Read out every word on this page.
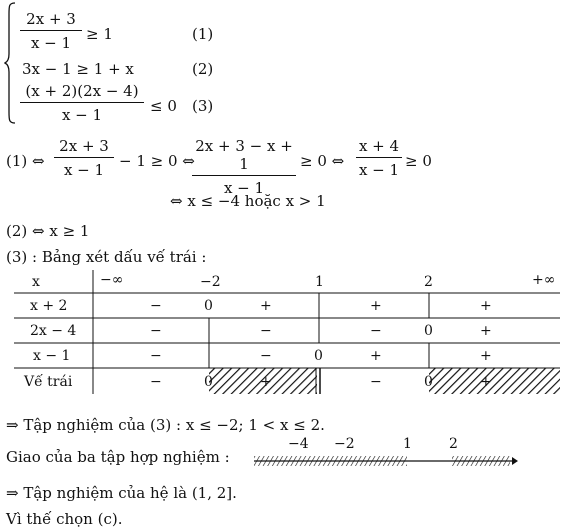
2x + 3
x − 1 ≥ 1	(1)
3x − 1 ≥ 1 + x	(2)
(x + 2)(2x − 4)
x − 1	≤ 0 (3)
(1) ⇔
2x + 3
x − 1 − 1 ≥ 0 ⇔
2x + 3 − x + 1
x − 1
≥ 0 ⇔
x + 4
x − 1 ≥ 0
⇔ x ≤ −4 hoặc x > 1
(2) ⇔ x ≥ 1
(3) : Bảng xét dấu vế trái :
x	−∞	−2	1	2	+∞
x + 2	−	0	+	+	+
2x − 4	−	−	−	0	+
x − 1	−	−	0	+	+
Vế trái	−	0	+	−	0	+
⇒ Tập nghiệm của (3) : x ≤ −2; 1 < x ≤ 2.
Giao của ba tập hợp nghiệm :
−4 −2	1	2
⇒ Tập nghiệm của hệ là (1, 2].
Vì thế chọn (c).
